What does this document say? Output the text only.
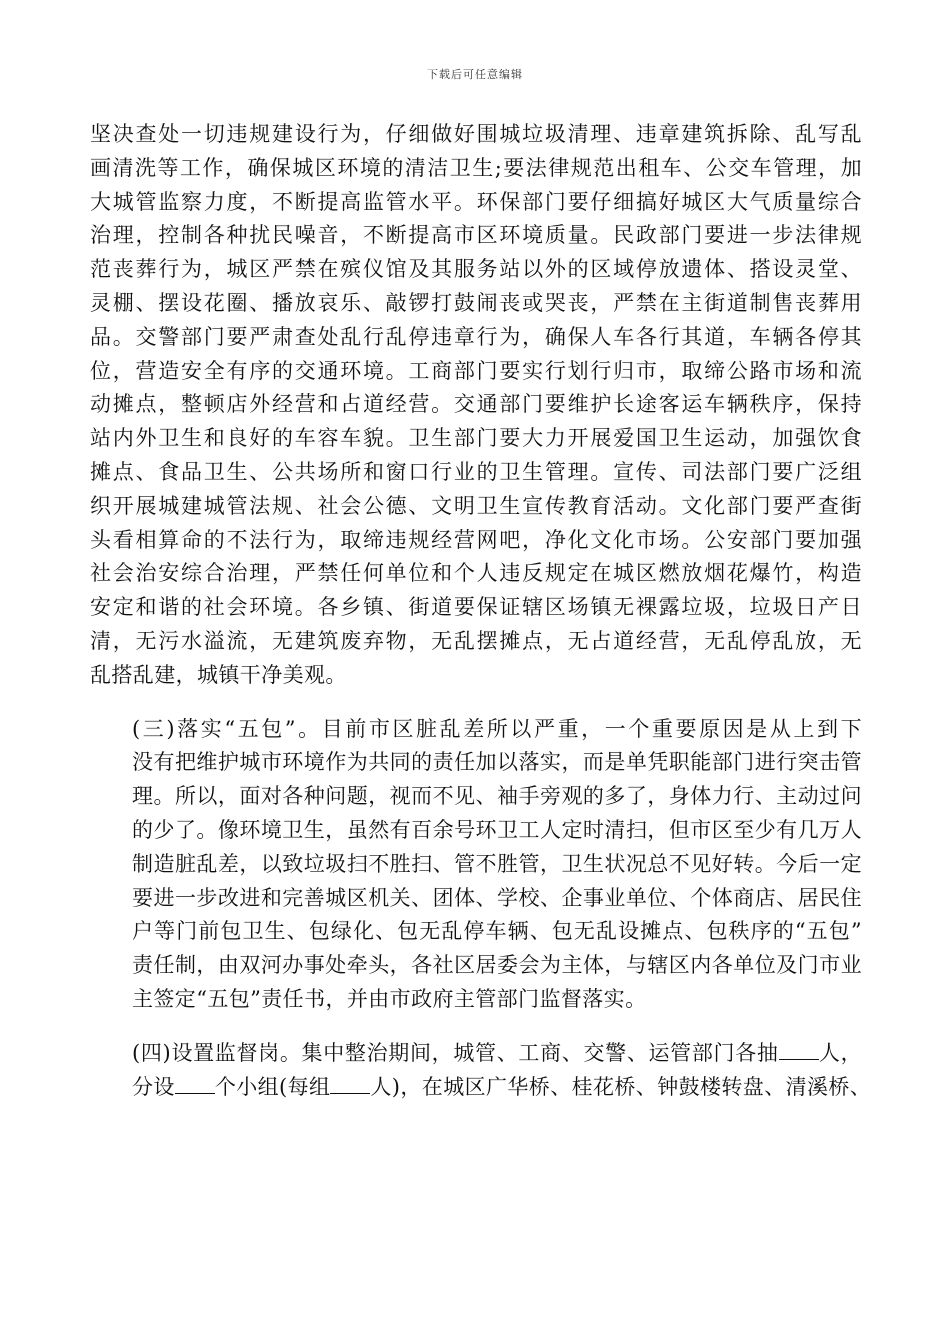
下载后可任意编辑

坚决查处一切违规建设行为，仔细做好围城垃圾清理、违章建筑拆除、乱写乱
画清洗等工作，确保城区环境的清洁卫生;要法律规范出租车、公交车管理，加
大城管监察力度，不断提高监管水平。环保部门要仔细搞好城区大气质量综合
治理，控制各种扰民噪音，不断提高市区环境质量。民政部门要进一步法律规
范丧葬行为，城区严禁在殡仪馆及其服务站以外的区域停放遗体、搭设灵堂、
灵棚、摆设花圈、播放哀乐、敲锣打鼓闹丧或哭丧，严禁在主街道制售丧葬用
品。交警部门要严肃查处乱行乱停违章行为，确保人车各行其道，车辆各停其
位，营造安全有序的交通环境。工商部门要实行划行归市，取缔公路市场和流
动摊点，整顿店外经营和占道经营。交通部门要维护长途客运车辆秩序，保持
站内外卫生和良好的车容车貌。卫生部门要大力开展爱国卫生运动，加强饮食
摊点、食品卫生、公共场所和窗口行业的卫生管理。宣传、司法部门要广泛组
织开展城建城管法规、社会公德、文明卫生宣传教育活动。文化部门要严查街
头看相算命的不法行为，取缔违规经营网吧，净化文化市场。公安部门要加强
社会治安综合治理，严禁任何单位和个人违反规定在城区燃放烟花爆竹，构造
安定和谐的社会环境。各乡镇、街道要保证辖区场镇无裸露垃圾，垃圾日产日
清，无污水溢流，无建筑废弃物，无乱摆摊点，无占道经营，无乱停乱放，无
乱搭乱建，城镇干净美观。

(三)落实“五包”。目前市区脏乱差所以严重，一个重要原因是从上到下
没有把维护城市环境作为共同的责任加以落实，而是单凭职能部门进行突击管
理。所以，面对各种问题，视而不见、袖手旁观的多了，身体力行、主动过问
的少了。像环境卫生，虽然有百余号环卫工人定时清扫，但市区至少有几万人
制造脏乱差，以致垃圾扫不胜扫、管不胜管，卫生状况总不见好转。今后一定
要进一步改进和完善城区机关、团体、学校、企事业单位、个体商店、居民住
户等门前包卫生、包绿化、包无乱停车辆、包无乱设摊点、包秩序的“五包”
责任制，由双河办事处牵头，各社区居委会为主体，与辖区内各单位及门市业
主签定“五包”责任书，并由市政府主管部门监督落实。

(四)设置监督岗。集中整治期间，城管、工商、交警、运管部门各抽 人，
分设 个小组(每组 人)，在城区广华桥、桂花桥、钟鼓楼转盘、清溪桥、
